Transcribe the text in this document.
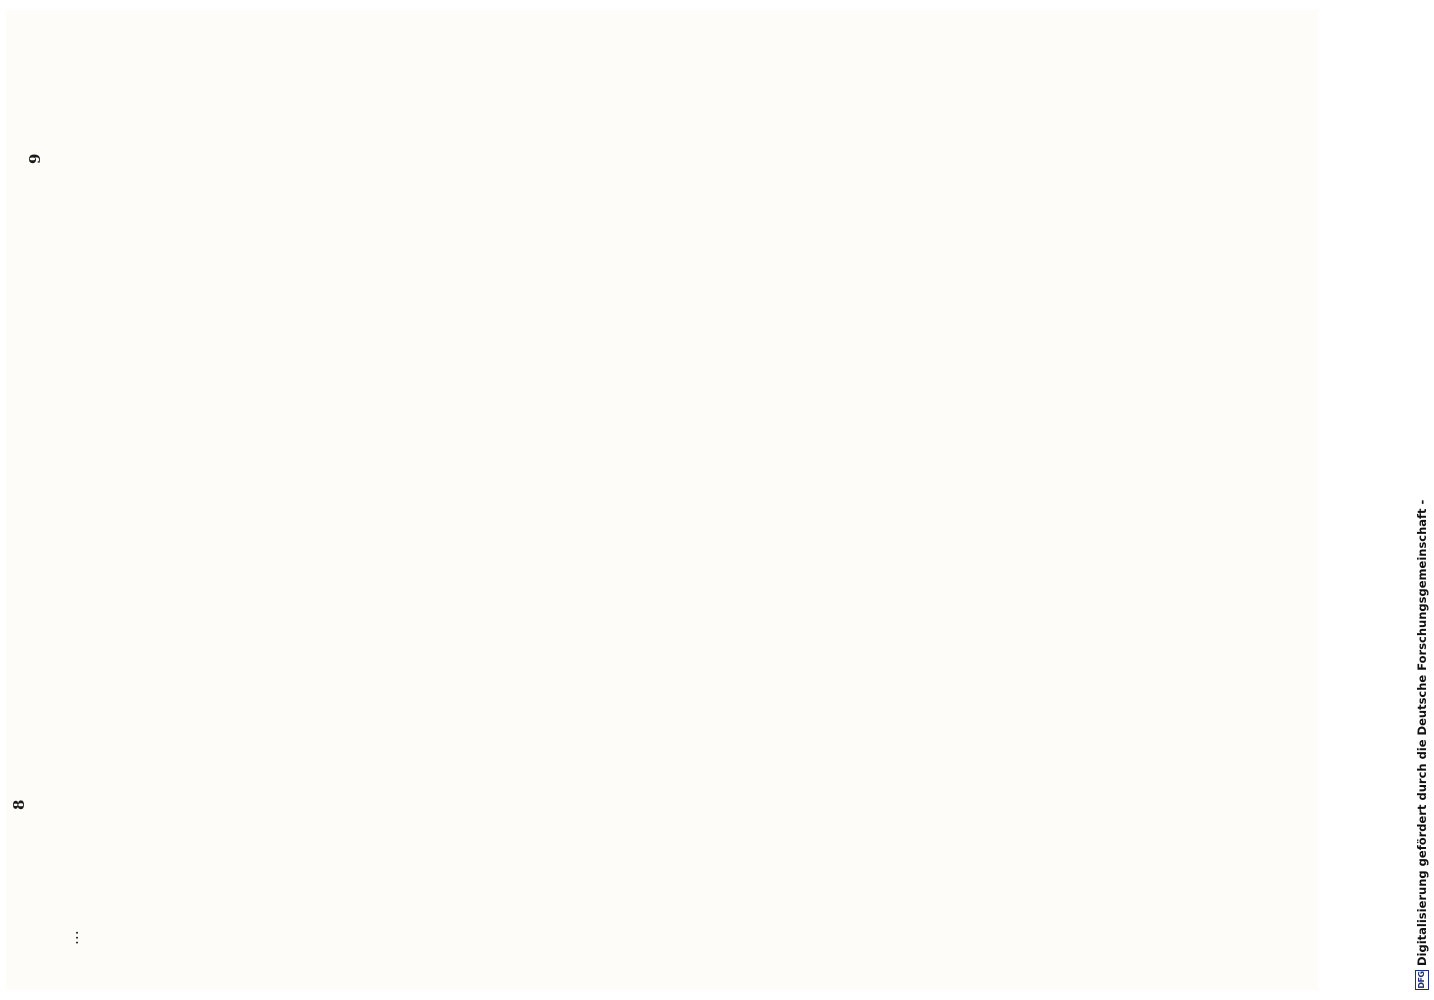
8
9

…

DFG
Digitalisierung gefördert durch die Deutsche Forschungsgemeinschaft -
